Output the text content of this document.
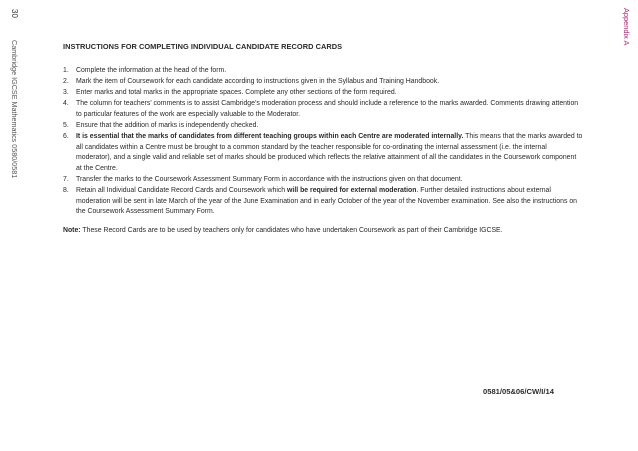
30
Cambridge IGCSE Mathematics 0580/0581
Appendix A
INSTRUCTIONS FOR COMPLETING INDIVIDUAL CANDIDATE RECORD CARDS
1. Complete the information at the head of the form.
2. Mark the item of Coursework for each candidate according to instructions given in the Syllabus and Training Handbook.
3. Enter marks and total marks in the appropriate spaces. Complete any other sections of the form required.
4. The column for teachers’ comments is to assist Cambridge’s moderation process and should include a reference to the marks awarded. Comments drawing attention to particular features of the work are especially valuable to the Moderator.
5. Ensure that the addition of marks is independently checked.
6. It is essential that the marks of candidates from different teaching groups within each Centre are moderated internally. This means that the marks awarded to all candidates within a Centre must be brought to a common standard by the teacher responsible for co-ordinating the internal assessment (i.e. the internal moderator), and a single valid and reliable set of marks should be produced which reflects the relative attainment of all the candidates in the Coursework component at the Centre.
7. Transfer the marks to the Coursework Assessment Summary Form in accordance with the instructions given on that document.
8. Retain all Individual Candidate Record Cards and Coursework which will be required for external moderation. Further detailed instructions about external moderation will be sent in late March of the year of the June Examination and in early October of the year of the November examination. See also the instructions on the Coursework Assessment Summary Form.
Note: These Record Cards are to be used by teachers only for candidates who have undertaken Coursework as part of their Cambridge IGCSE.
0581/05&06/CW/I/14
